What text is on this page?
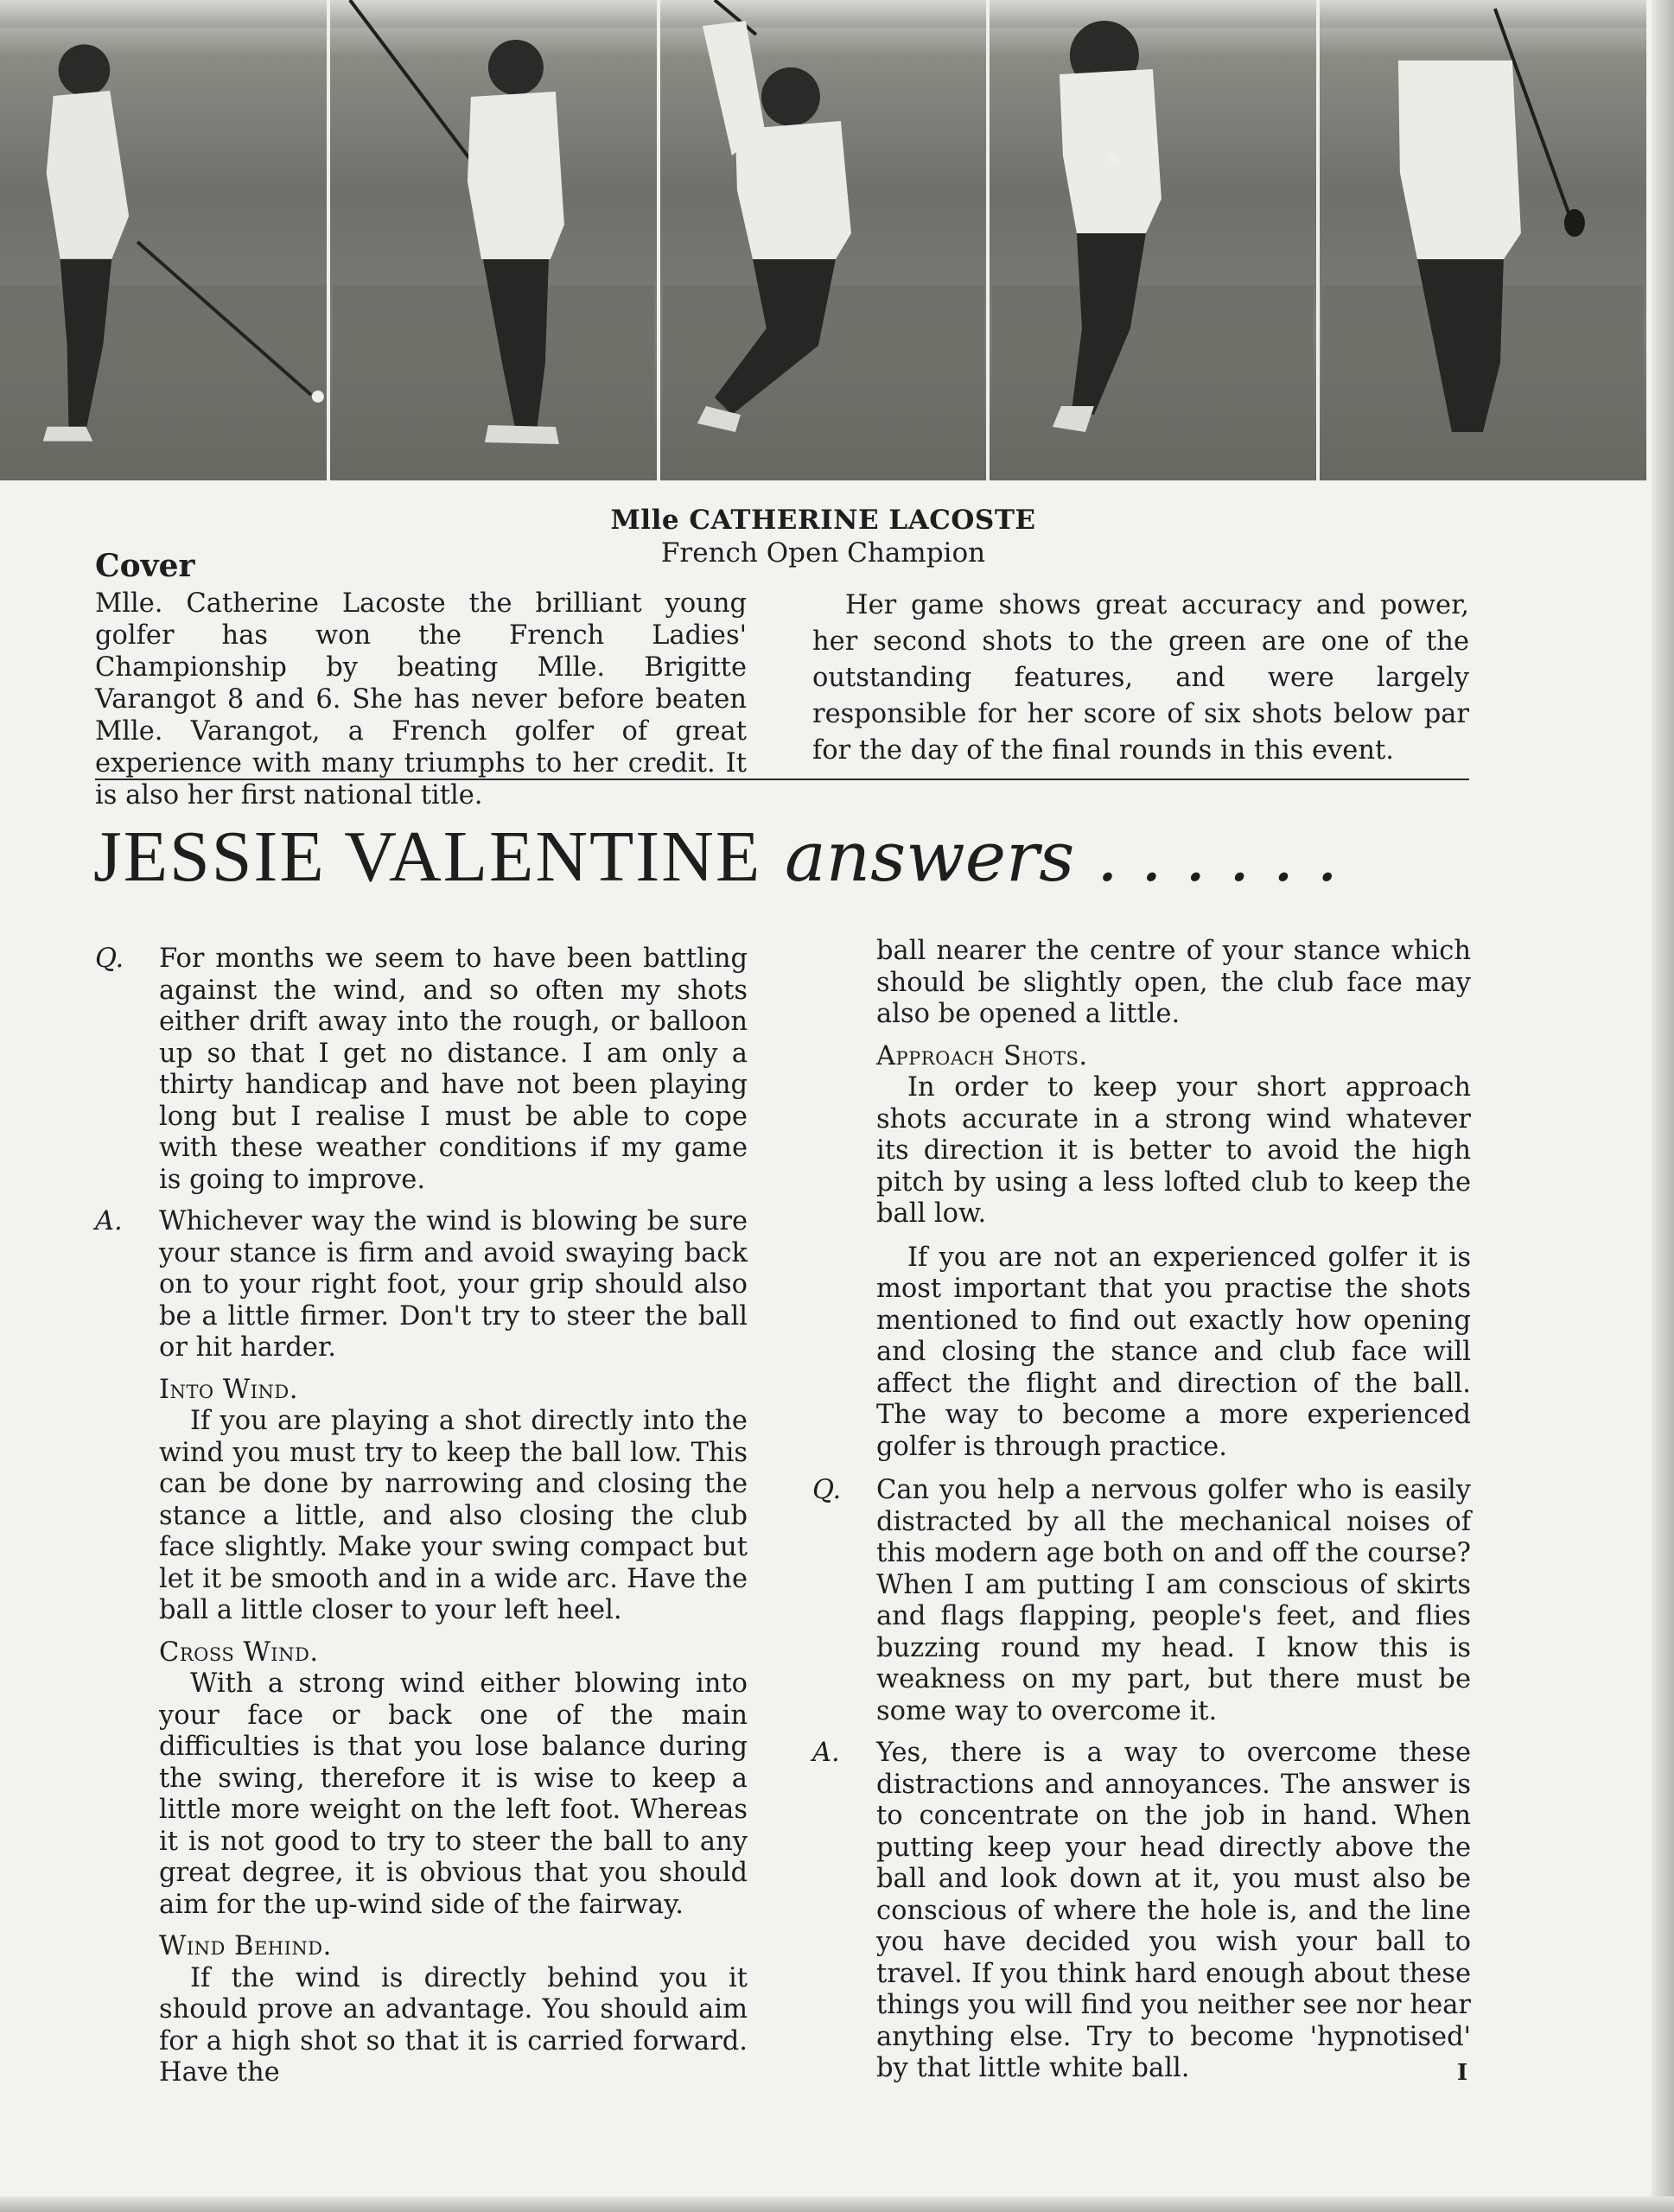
Mlle CATHERINE LACOSTE
French Open Champion
Cover
Mlle. Catherine Lacoste the brilliant young golfer has won the French Ladies' Championship by beating Mlle. Brigitte Varangot 8 and 6. She has never before beaten Mlle. Varangot, a French golfer of great experience with many triumphs to her credit. It is also her first national title.
Her game shows great accuracy and power, her second shots to the green are one of the outstanding features, and were largely responsible for her score of six shots below par for the day of the final rounds in this event.
JESSIE VALENTINE answers . . . . . .
Q. For months we seem to have been battling against the wind, and so often my shots either drift away into the rough, or balloon up so that I get no distance. I am only a thirty handicap and have not been playing long but I realise I must be able to cope with these weather conditions if my game is going to improve.
A. Whichever way the wind is blowing be sure your stance is firm and avoid swaying back on to your right foot, your grip should also be a little firmer. Don't try to steer the ball or hit harder.
Into Wind.
If you are playing a shot directly into the wind you must try to keep the ball low. This can be done by narrowing and closing the stance a little, and also closing the club face slightly. Make your swing compact but let it be smooth and in a wide arc. Have the ball a little closer to your left heel.
Cross Wind.
With a strong wind either blowing into your face or back one of the main difficulties is that you lose balance during the swing, therefore it is wise to keep a little more weight on the left foot. Whereas it is not good to try to steer the ball to any great degree, it is obvious that you should aim for the up-wind side of the fairway.
Wind Behind.
If the wind is directly behind you it should prove an advantage. You should aim for a high shot so that it is carried forward. Have the
ball nearer the centre of your stance which should be slightly open, the club face may also be opened a little.
Approach Shots.
In order to keep your short approach shots accurate in a strong wind whatever its direction it is better to avoid the high pitch by using a less lofted club to keep the ball low.
If you are not an experienced golfer it is most important that you practise the shots mentioned to find out exactly how opening and closing the stance and club face will affect the flight and direction of the ball. The way to become a more experienced golfer is through practice.
Q. Can you help a nervous golfer who is easily distracted by all the mechanical noises of this modern age both on and off the course? When I am putting I am conscious of skirts and flags flapping, people's feet, and flies buzzing round my head. I know this is weakness on my part, but there must be some way to overcome it.
A. Yes, there is a way to overcome these distractions and annoyances. The answer is to concentrate on the job in hand. When putting keep your head directly above the ball and look down at it, you must also be conscious of where the hole is, and the line you have decided you wish your ball to travel. If you think hard enough about these things you will find you neither see nor hear anything else. Try to become 'hypnotised' by that little white ball.	I
